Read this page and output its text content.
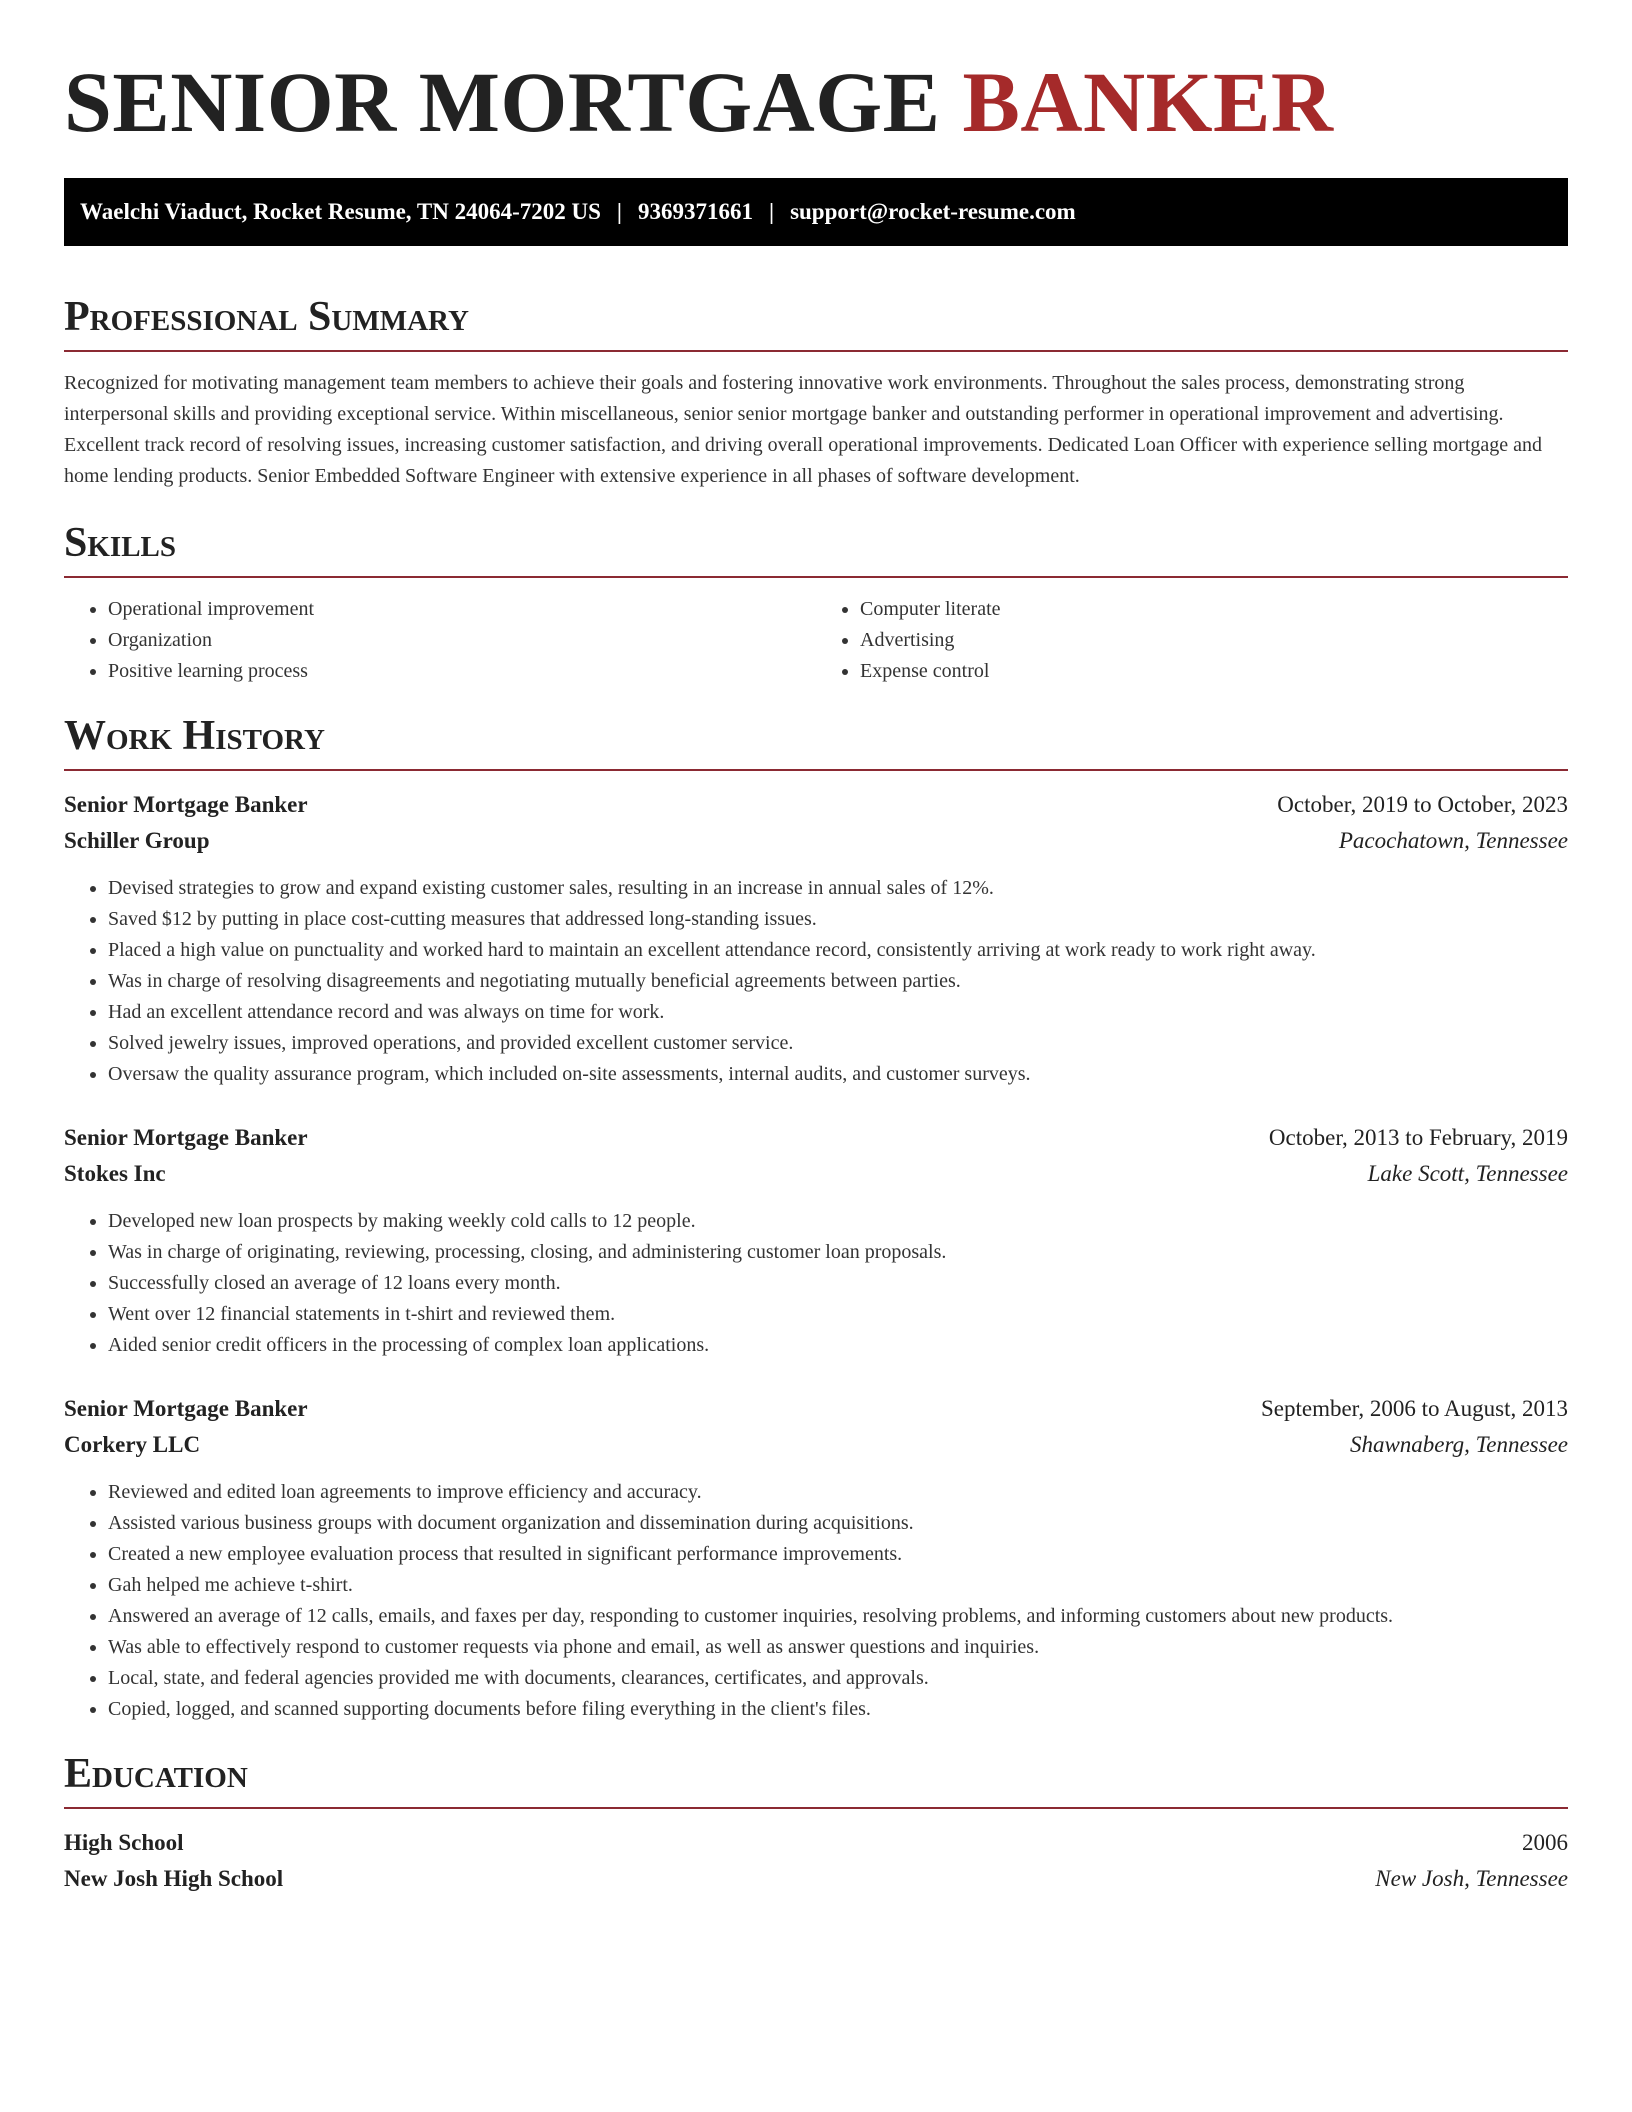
SENIOR MORTGAGE BANKER
Waelchi Viaduct, Rocket Resume, TN 24064-7202 US | 9369371661 | support@rocket-resume.com
Professional Summary

Recognized for motivating management team members to achieve their goals and fostering innovative work environments. Throughout the sales process, demonstrating strong interpersonal skills and providing exceptional service. Within miscellaneous, senior senior mortgage banker and outstanding performer in operational improvement and advertising. Excellent track record of resolving issues, increasing customer satisfaction, and driving overall operational improvements. Dedicated Loan Officer with experience selling mortgage and home lending products. Senior Embedded Software Engineer with extensive experience in all phases of software development.

Skills
• Operational improvement
• Organization
• Positive learning process
• Computer literate
• Advertising
• Expense control
Work History
Senior Mortgage Banker	October, 2019 to October, 2023
Schiller Group	Pacochatown, Tennessee
• Devised strategies to grow and expand existing customer sales, resulting in an increase in annual sales of 12%.
• Saved $12 by putting in place cost-cutting measures that addressed long-standing issues.
• Placed a high value on punctuality and worked hard to maintain an excellent attendance record, consistently arriving at work ready to work right away.
• Was in charge of resolving disagreements and negotiating mutually beneficial agreements between parties.
• Had an excellent attendance record and was always on time for work.
• Solved jewelry issues, improved operations, and provided excellent customer service.
• Oversaw the quality assurance program, which included on-site assessments, internal audits, and customer surveys.
Senior Mortgage Banker	October, 2013 to February, 2019
Stokes Inc	Lake Scott, Tennessee
• Developed new loan prospects by making weekly cold calls to 12 people.
• Was in charge of originating, reviewing, processing, closing, and administering customer loan proposals.
• Successfully closed an average of 12 loans every month.
• Went over 12 financial statements in t-shirt and reviewed them.
• Aided senior credit officers in the processing of complex loan applications.
Senior Mortgage Banker	September, 2006 to August, 2013
Corkery LLC	Shawnaberg, Tennessee
• Reviewed and edited loan agreements to improve efficiency and accuracy.
• Assisted various business groups with document organization and dissemination during acquisitions.
• Created a new employee evaluation process that resulted in significant performance improvements.
• Gah helped me achieve t-shirt.
• Answered an average of 12 calls, emails, and faxes per day, responding to customer inquiries, resolving problems, and informing customers about new products.
• Was able to effectively respond to customer requests via phone and email, as well as answer questions and inquiries.
• Local, state, and federal agencies provided me with documents, clearances, certificates, and approvals.
• Copied, logged, and scanned supporting documents before filing everything in the client's files.
Education
High School	2006
New Josh High School	New Josh, Tennessee
